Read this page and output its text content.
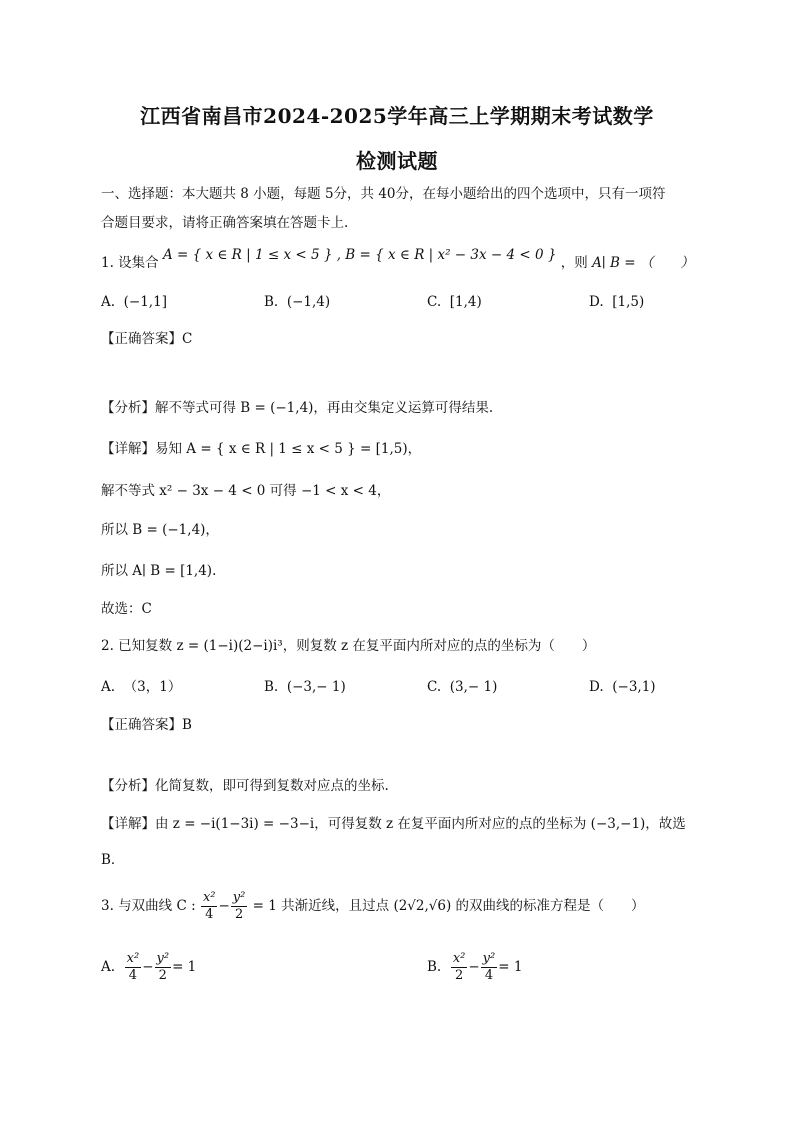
江西省南昌市2024-2025学年高三上学期期末考试数学
检测试题
一、选择题：本大题共 8 小题，每题 5分，共 40分，在每小题给出的四个选项中，只有一项符
合题目要求，请将正确答案填在答题卡上.
1. 设集合 A = { x ∈ R | 1 ≤ x < 5 } , B = { x ∈ R | x² − 3x − 4 < 0 } ，则 A∣ B = （　　）
A. (−1,1]	B. (−1,4)	C. [1,4)	D. [1,5)
【正确答案】C
【分析】解不等式可得 B = (−1,4)，再由交集定义运算可得结果.
【详解】易知 A = { x ∈ R | 1 ≤ x < 5 } = [1,5)，
解不等式 x² − 3x − 4 < 0 可得 −1 < x < 4，
所以 B = (−1,4)，
所以 A∣ B = [1,4).
故选：C
2. 已知复数 z = (1−i)(2−i)i³，则复数 z 在复平面内所对应的点的坐标为（　　）
A. （3，1）	B. (−3,− 1)	C. (3,− 1)	D. (−3,1)
【正确答案】B
【分析】化简复数，即可得到复数对应点的坐标.
【详解】由 z = −i(1−3i) = −3−i，可得复数 z 在复平面内所对应的点的坐标为 (−3,−1)，故选
B．
3. 与双曲线 C : $\frac{\text{x²}}{4} - \frac{\text{y²}}{2} = 1$ 共渐近线，且过点 (2√2,√6) 的双曲线的标准方程是（　　）
A. $\frac{\text{x²}}{4} - \frac{\text{y²}}{2} = 1$	B. $\frac{\text{x²}}{2} - \frac{\text{y²}}{4} = 1$
